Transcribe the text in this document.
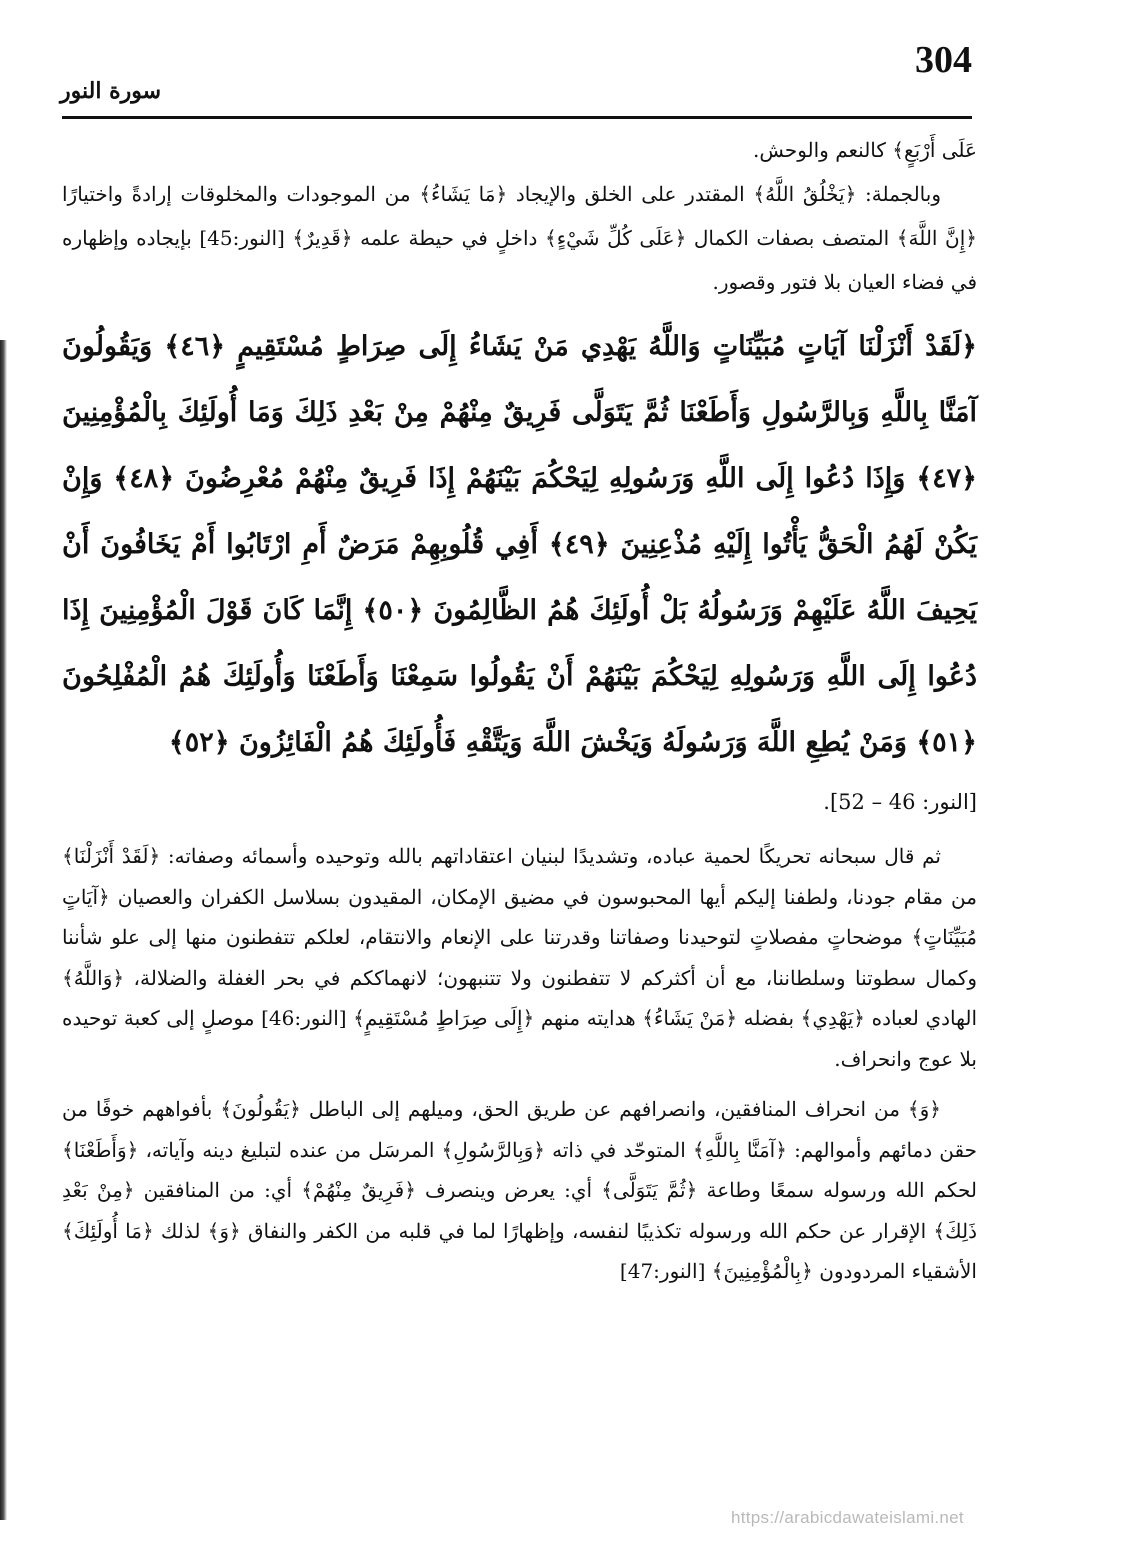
304
سورة النور

عَلَى أَرْبَعٍ﴾ كالنعم والوحش.

وبالجملة: ﴿يَخْلُقُ اللَّهُ﴾ المقتدر على الخلق والإيجاد ﴿مَا يَشَاءُ﴾ من الموجودات والمخلوقات إرادةً واختيارًا ﴿إِنَّ اللَّهَ﴾ المتصف بصفات الكمال ﴿عَلَى كُلِّ شَيْءٍ﴾ داخلٍ في حيطة علمه ﴿قَدِيرٌ﴾ [النور:45] بإيجاده وإظهاره في فضاء العيان بلا فتور وقصور.

﴿لَقَدْ أَنْزَلْنَا آيَاتٍ مُبَيِّنَاتٍ وَاللَّهُ يَهْدِي مَنْ يَشَاءُ إِلَى صِرَاطٍ مُسْتَقِيمٍ ﴿٤٦﴾ وَيَقُولُونَ آمَنَّا بِاللَّهِ وَبِالرَّسُولِ وَأَطَعْنَا ثُمَّ يَتَوَلَّى فَرِيقٌ مِنْهُمْ مِنْ بَعْدِ ذَلِكَ وَمَا أُولَئِكَ بِالْمُؤْمِنِينَ ﴿٤٧﴾ وَإِذَا دُعُوا إِلَى اللَّهِ وَرَسُولِهِ لِيَحْكُمَ بَيْنَهُمْ إِذَا فَرِيقٌ مِنْهُمْ مُعْرِضُونَ ﴿٤٨﴾ وَإِنْ يَكُنْ لَهُمُ الْحَقُّ يَأْتُوا إِلَيْهِ مُذْعِنِينَ ﴿٤٩﴾ أَفِي قُلُوبِهِمْ مَرَضٌ أَمِ ارْتَابُوا أَمْ يَخَافُونَ أَنْ يَحِيفَ اللَّهُ عَلَيْهِمْ وَرَسُولُهُ بَلْ أُولَئِكَ هُمُ الظَّالِمُونَ ﴿٥٠﴾ إِنَّمَا كَانَ قَوْلَ الْمُؤْمِنِينَ إِذَا دُعُوا إِلَى اللَّهِ وَرَسُولِهِ لِيَحْكُمَ بَيْنَهُمْ أَنْ يَقُولُوا سَمِعْنَا وَأَطَعْنَا وَأُولَئِكَ هُمُ الْمُفْلِحُونَ ﴿٥١﴾ وَمَنْ يُطِعِ اللَّهَ وَرَسُولَهُ وَيَخْشَ اللَّهَ وَيَتَّقْهِ فَأُولَئِكَ هُمُ الْفَائِزُونَ ﴿٥٢﴾

[النور: 46 – 52].

ثم قال سبحانه تحريكًا لحمية عباده، وتشديدًا لبنيان اعتقاداتهم بالله وتوحيده وأسمائه وصفاته: ﴿لَقَدْ أَنْزَلْنَا﴾ من مقام جودنا، ولطفنا إليكم أيها المحبوسون في مضيق الإمكان، المقيدون بسلاسل الكفران والعصيان ﴿آيَاتٍ مُبَيِّنَاتٍ﴾ موضحاتٍ مفصلاتٍ لتوحيدنا وصفاتنا وقدرتنا على الإنعام والانتقام، لعلكم تتفطنون منها إلى علو شأننا وكمال سطوتنا وسلطاننا، مع أن أكثركم لا تتفطنون ولا تتنبهون؛ لانهماككم في بحر الغفلة والضلالة، ﴿وَاللَّهُ﴾ الهادي لعباده ﴿يَهْدِي﴾ بفضله ﴿مَنْ يَشَاءُ﴾ هدايته منهم ﴿إِلَى صِرَاطٍ مُسْتَقِيمٍ﴾ [النور:46] موصلٍ إلى كعبة توحيده بلا عوج وانحراف.

﴿وَ﴾ من انحراف المنافقين، وانصرافهم عن طريق الحق، وميلهم إلى الباطل ﴿يَقُولُونَ﴾ بأفواههم خوفًا من حقن دمائهم وأموالهم: ﴿آمَنَّا بِاللَّهِ﴾ المتوحّد في ذاته ﴿وَبِالرَّسُولِ﴾ المرسَل من عنده لتبليغ دينه وآياته، ﴿وَأَطَعْنَا﴾ لحكم الله ورسوله سمعًا وطاعة ﴿ثُمَّ يَتَوَلَّى﴾ أي: يعرض وينصرف ﴿فَرِيقٌ مِنْهُمْ﴾ أي: من المنافقين ﴿مِنْ بَعْدِ ذَلِكَ﴾ الإقرار عن حكم الله ورسوله تكذيبًا لنفسه، وإظهارًا لما في قلبه من الكفر والنفاق ﴿وَ﴾ لذلك ﴿مَا أُولَئِكَ﴾ الأشقياء المردودون ﴿بِالْمُؤْمِنِينَ﴾ [النور:47]

https://arabicdawateislami.net
